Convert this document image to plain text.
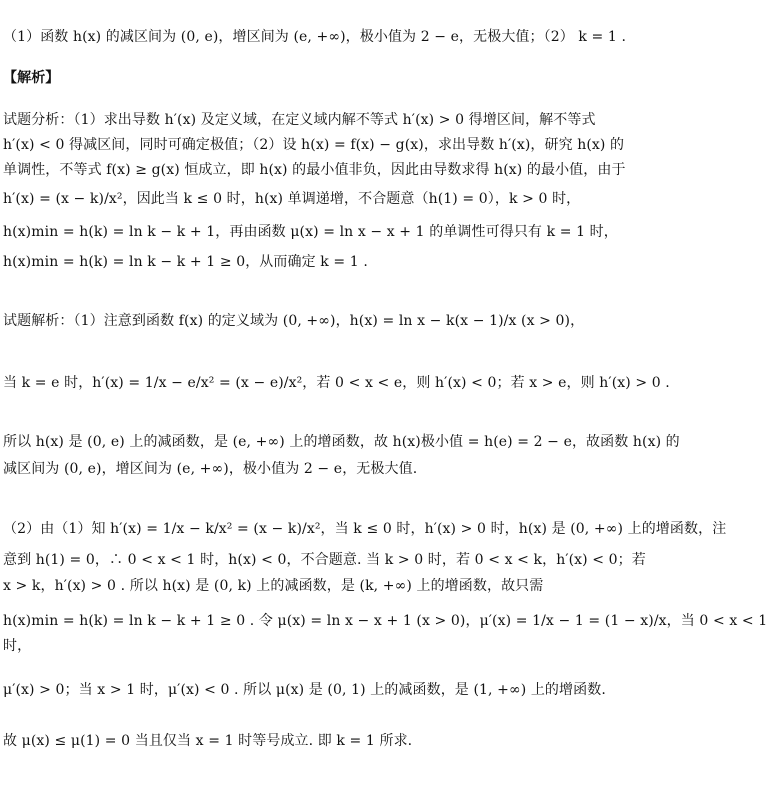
（1）函数 h(x) 的减区间为 (0, e)，增区间为 (e, +∞)，极小值为 2 − e，无极大值；（2） k = 1 .
【解析】
试题分析：（1）求出导数 h′(x) 及定义域，在定义域内解不等式 h′(x) > 0 得增区间，解不等式
h′(x) < 0 得减区间，同时可确定极值；（2）设 h(x) = f(x) − g(x)，求出导数 h′(x)，研究 h(x) 的
单调性，不等式 f(x) ≥ g(x) 恒成立，即 h(x) 的最小值非负，因此由导数求得 h(x) 的最小值，由于
h′(x) = (x − k)/x²，因此当 k ≤ 0 时，h(x) 单调递增，不合题意（h(1) = 0），k > 0 时，
h(x)min = h(k) = ln k − k + 1，再由函数 μ(x) = ln x − x + 1 的单调性可得只有 k = 1 时，
h(x)min = h(k) = ln k − k + 1 ≥ 0，从而确定 k = 1 .
试题解析：（1）注意到函数 f(x) 的定义域为 (0, +∞)，h(x) = ln x − k(x − 1)/x (x > 0)，
当 k = e 时，h′(x) = 1/x − e/x² = (x − e)/x²，若 0 < x < e，则 h′(x) < 0；若 x > e，则 h′(x) > 0 .
所以 h(x) 是 (0, e) 上的减函数，是 (e, +∞) 上的增函数，故 h(x)极小值 = h(e) = 2 − e，故函数 h(x) 的
减区间为 (0, e)，增区间为 (e, +∞)，极小值为 2 − e，无极大值.
（2）由（1）知 h′(x) = 1/x − k/x² = (x − k)/x²，当 k ≤ 0 时，h′(x) > 0 时，h(x) 是 (0, +∞) 上的增函数，注
意到 h(1) = 0，∴ 0 < x < 1 时，h(x) < 0，不合题意. 当 k > 0 时，若 0 < x < k，h′(x) < 0；若
x > k，h′(x) > 0 . 所以 h(x) 是 (0, k) 上的减函数，是 (k, +∞) 上的增函数，故只需
h(x)min = h(k) = ln k − k + 1 ≥ 0 . 令 μ(x) = ln x − x + 1 (x > 0)，μ′(x) = 1/x − 1 = (1 − x)/x，当 0 < x < 1
时，
μ′(x) > 0；当 x > 1 时，μ′(x) < 0 . 所以 μ(x) 是 (0, 1) 上的减函数，是 (1, +∞) 上的增函数.
故 μ(x) ≤ μ(1) = 0 当且仅当 x = 1 时等号成立. 即 k = 1 所求.
